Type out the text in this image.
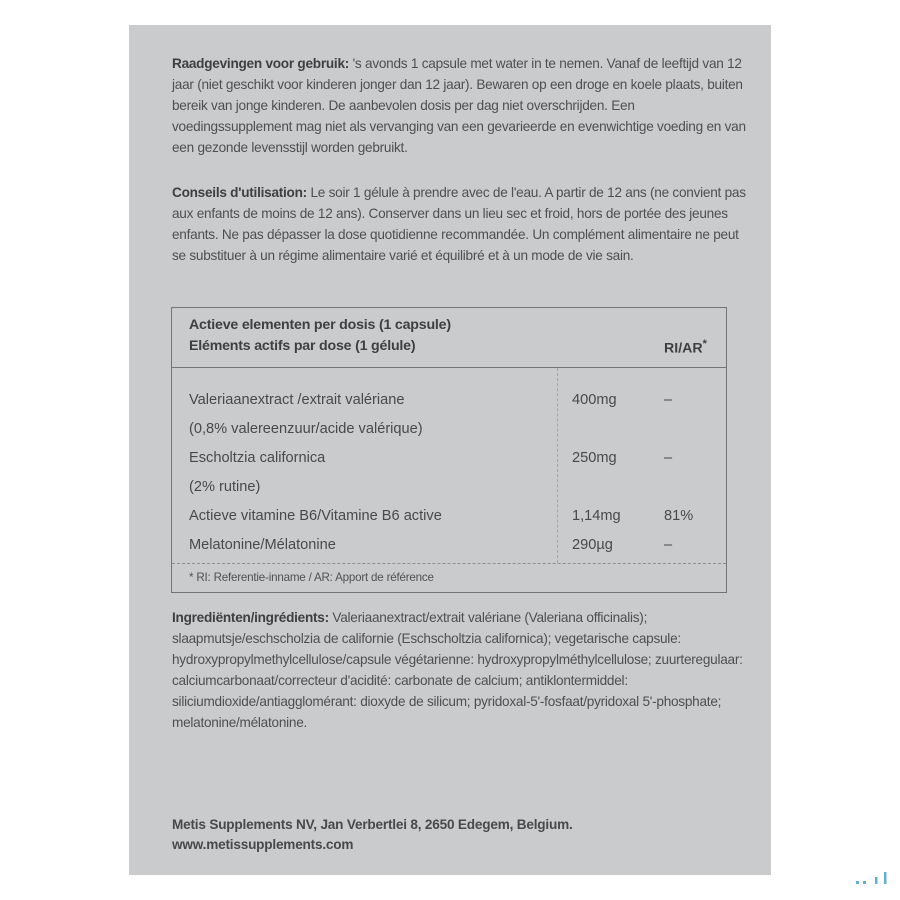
Raadgevingen voor gebruik: 's avonds 1 capsule met water in te nemen. Vanaf de leeftijd van 12 jaar (niet geschikt voor kinderen jonger dan 12 jaar). Bewaren op een droge en koele plaats, buiten bereik van jonge kinderen. De aanbevolen dosis per dag niet overschrijden. Een voedingssupplement mag niet als vervanging van een gevarieerde en evenwichtige voeding en van een gezonde levensstijl worden gebruikt.

Conseils d'utilisation: Le soir 1 gélule à prendre avec de l'eau. A partir de 12 ans (ne convient pas aux enfants de moins de 12 ans). Conserver dans un lieu sec et froid, hors de portée des jeunes enfants. Ne pas dépasser la dose quotidienne recommandée. Un complément alimentaire ne peut se substituer à un régime alimentaire varié et équilibré et à un mode de vie sain.

Actieve elementen per dosis (1 capsule)
Eléments actifs par dose (1 gélule)	RI/AR*
Valeriaanextract /extrait valériane	400mg	–
(0,8% valereenzuur/acide valérique)
Escholtzia californica	250mg	–
(2% rutine)
Actieve vitamine B6/Vitamine B6 active	1,14mg	81%
Melatonine/Mélatonine	290µg	–
* RI: Referentie-inname / AR: Apport de référence

Ingrediënten/ingrédients: Valeriaanextract/extrait valériane (Valeriana officinalis); slaapmutsje/eschscholzia de californie (Eschscholtzia californica); vegetarische capsule: hydroxypropylmethylcellulose/capsule végétarienne: hydroxypropylméthylcellulose; zuurteregulaar: calciumcarbonaat/correcteur d'acidité: carbonate de calcium; antiklontermiddel: siliciumdioxide/antiagglomérant: dioxyde de silicum; pyridoxal-5'-fosfaat/pyridoxal 5'-phosphate; melatonine/mélatonine.

Metis Supplements NV, Jan Verbertlei 8, 2650 Edegem, Belgium.
www.metissupplements.com
